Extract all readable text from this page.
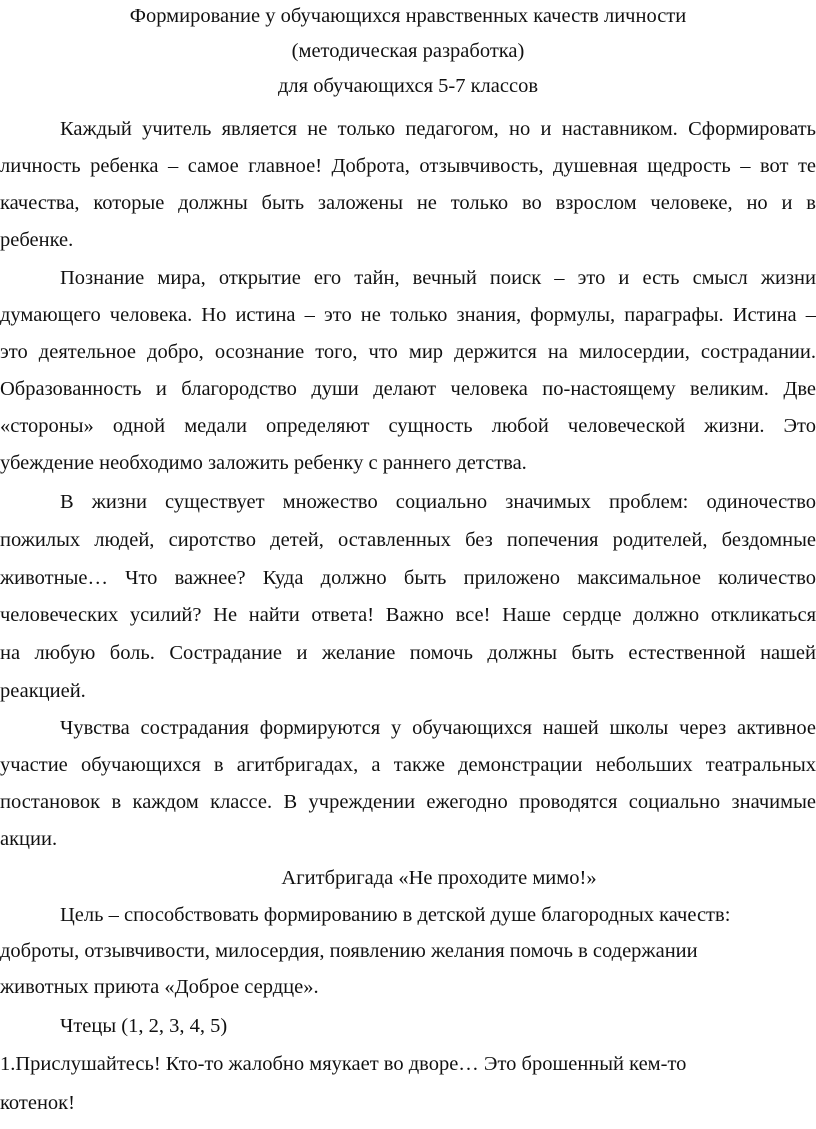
Формирование у обучающихся нравственных качеств личности
(методическая разработка)
для обучающихся 5-7 классов
Каждый учитель является не только педагогом, но и наставником. Сформировать
личность ребенка – самое главное! Доброта, отзывчивость, душевная щедрость – вот те
качества, которые должны быть заложены не только во взрослом человеке, но и в
ребенке.
Познание мира, открытие его тайн, вечный поиск – это и есть смысл жизни
думающего человека. Но истина – это не только знания, формулы, параграфы. Истина –
это деятельное добро, осознание того, что мир держится на милосердии, сострадании.
Образованность и благородство души делают человека по-настоящему великим. Две
«стороны» одной медали определяют сущность любой человеческой жизни. Это
убеждение необходимо заложить ребенку с раннего детства.
В жизни существует множество социально значимых проблем: одиночество
пожилых людей, сиротство детей, оставленных без попечения родителей, бездомные
животные… Что важнее? Куда должно быть приложено максимальное количество
человеческих усилий? Не найти ответа! Важно все! Наше сердце должно откликаться
на любую боль. Сострадание и желание помочь должны быть естественной нашей
реакцией.
Чувства сострадания формируются у обучающихся нашей школы через активное
участие обучающихся в агитбригадах, а также демонстрации небольших театральных
постановок в каждом классе. В учреждении ежегодно проводятся социально значимые
акции.
Агитбригада «Не проходите мимо!»
Цель – способствовать формированию в детской душе благородных качеств:
доброты, отзывчивости, милосердия, появлению желания помочь в содержании
животных приюта «Доброе сердце».
Чтецы (1, 2, 3, 4, 5)
1.Прислушайтесь! Кто-то жалобно мяукает во дворе… Это брошенный кем-то
котенок!
